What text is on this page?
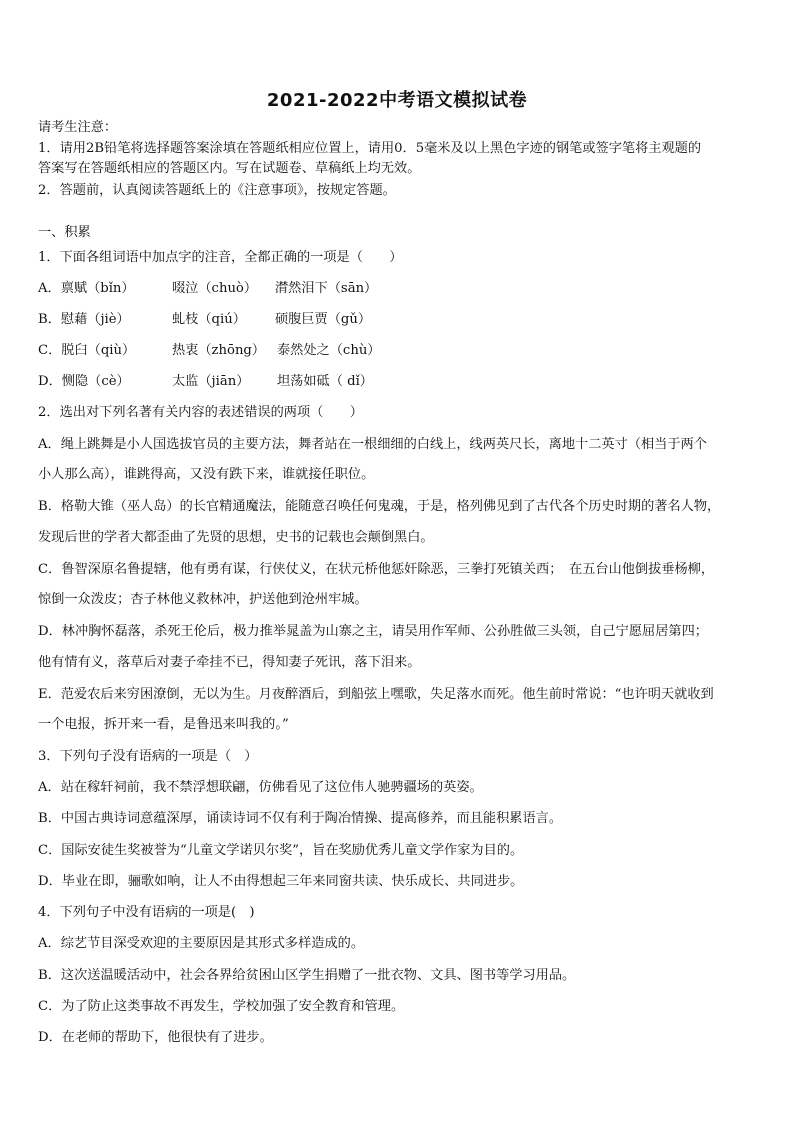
2021-2022中考语文模拟试卷
请考生注意：
1．请用2B铅笔将选择题答案涂填在答题纸相应位置上，请用0．5毫米及以上黑色字迹的钢笔或签字笔将主观题的
答案写在答题纸相应的答题区内。写在试题卷、草稿纸上均无效。
2．答题前，认真阅读答题纸上的《注意事项》，按规定答题。
一、积累
1．下面各组词语中加点字的注音，全都正确的一项是（　　）
A．禀赋（bǐn）	啜泣（chuò） 潸然泪下（sān）
B．慰藉（jiè）	虬枝（qiú） 硕腹巨贾（gǔ）
C．脱臼（qiù）	热衷（zhōng） 泰然处之（chù）
D．恻隐（cè）	太监（jiān） 坦荡如砥（ dǐ）
2．选出对下列名著有关内容的表述错误的两项（　　）
A．绳上跳舞是小人国选拔官员的主要方法，舞者站在一根细细的白线上，线两英尺长，离地十二英寸（相当于两个
小人那么高），谁跳得高，又没有跌下来，谁就接任职位。
B．格勒大锥（巫人岛）的长官精通魔法，能随意召唤任何鬼魂，于是，格列佛见到了古代各个历史时期的著名人物，
发现后世的学者大都歪曲了先贤的思想，史书的记载也会颠倒黑白。
C．鲁智深原名鲁提辖，他有勇有谋，行侠仗义，在状元桥他惩奸除恶，三拳打死镇关西；　在五台山他倒拔垂杨柳，
惊倒一众泼皮；杏子林他义救林冲，护送他到沧州牢城。
D．林冲胸怀磊落，杀死王伦后，极力推举晁盖为山寨之主，请吴用作军师、公孙胜做三头领，自己宁愿屈居第四；
他有情有义，落草后对妻子牵挂不已，得知妻子死讯，落下泪来。
E．范爱农后来穷困潦倒，无以为生。月夜醉酒后，到船弦上嘿歌，失足落水而死。他生前时常说：“也许明天就收到
一个电报，拆开来一看，是鲁迅来叫我的。”
3．下列句子没有语病的一项是（　）
A．站在稼轩祠前，我不禁浮想联翩，仿佛看见了这位伟人驰骋疆场的英姿。
B．中国古典诗词意蕴深厚，诵读诗词不仅有利于陶冶情操、提高修养，而且能积累语言。
C．国际安徒生奖被誉为“儿童文学诺贝尔奖”，旨在奖励优秀儿童文学作家为目的。
D．毕业在即，骊歌如响，让人不由得想起三年来同窗共读、快乐成长、共同进步。
4．下列句子中没有语病的一项是(　)
A．综艺节目深受欢迎的主要原因是其形式多样造成的。
B．这次送温暖活动中，社会各界给贫困山区学生捐赠了一批衣物、文具、图书等学习用品。
C．为了防止这类事故不再发生，学校加强了安全教育和管理。
D．在老师的帮助下，他很快有了进步。
